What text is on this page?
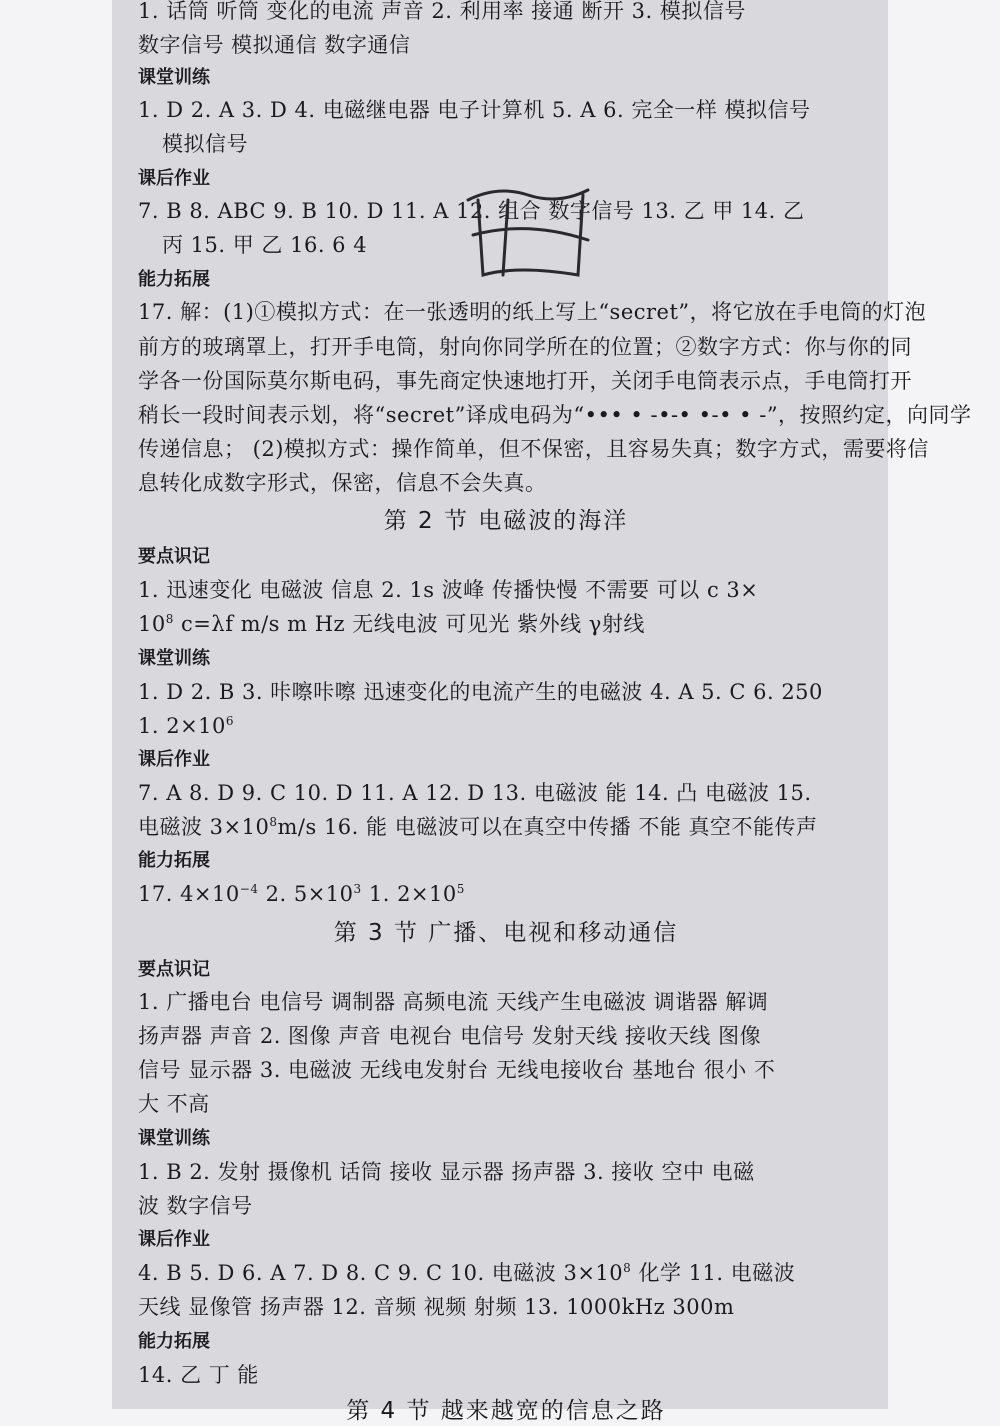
1. 话筒 听筒 变化的电流 声音 2. 利用率 接通 断开 3. 模拟信号
数字信号 模拟通信 数字通信
课堂训练
1. D 2. A 3. D 4. 电磁继电器 电子计算机 5. A 6. 完全一样 模拟信号
模拟信号
课后作业
7. B 8. ABC 9. B 10. D 11. A 12. 组合 数字信号 13. 乙 甲 14. 乙
丙 15. 甲 乙 16. 6 4
能力拓展
17. 解：(1)①模拟方式：在一张透明的纸上写上“secret”，将它放在手电筒的灯泡
前方的玻璃罩上，打开手电筒，射向你同学所在的位置；②数字方式：你与你的同
学各一份国际莫尔斯电码，事先商定快速地打开，关闭手电筒表示点，手电筒打开
稍长一段时间表示划，将“secret”译成电码为“••• • -•-• •-• • -”，按照约定，向同学
传递信息； (2)模拟方式：操作简单，但不保密，且容易失真；数字方式，需要将信
息转化成数字形式，保密，信息不会失真。
第 2 节 电磁波的海洋
要点识记
1. 迅速变化 电磁波 信息 2. 1s 波峰 传播快慢 不需要 可以 c 3×
$10^8$ c=λf m/s m Hz 无线电波 可见光 紫外线 γ射线
课堂训练
1. D 2. B 3. 咔嚓咔嚓 迅速变化的电流产生的电磁波 4. A 5. C 6. 250
1. $2\times 10^6$
课后作业
7. A 8. D 9. C 10. D 11. A 12. D 13. 电磁波 能 14. 凸 电磁波 15.
电磁波 $3\times 10^8m/s$ 16. 能 电磁波可以在真空中传播 不能 真空不能传声
能力拓展
17. $4\times 10^{-4}$ 2. $5\times 10^3$ 1. $2\times 10^5$
第 3 节 广播、电视和移动通信
要点识记
1. 广播电台 电信号 调制器 高频电流 天线产生电磁波 调谐器 解调
扬声器 声音 2. 图像 声音 电视台 电信号 发射天线 接收天线 图像
信号 显示器 3. 电磁波 无线电发射台 无线电接收台 基地台 很小 不
大 不高
课堂训练
1. B 2. 发射 摄像机 话筒 接收 显示器 扬声器 3. 接收 空中 电磁
波 数字信号
课后作业
4. B 5. D 6. A 7. D 8. C 9. C 10. 电磁波 $3\times 10^8$ 化学 11. 电磁波
天线 显像管 扬声器 12. 音频 视频 射频 13. 1000kHz 300m
能力拓展
14. 乙 丁 能
第 4 节 越来越宽的信息之路
